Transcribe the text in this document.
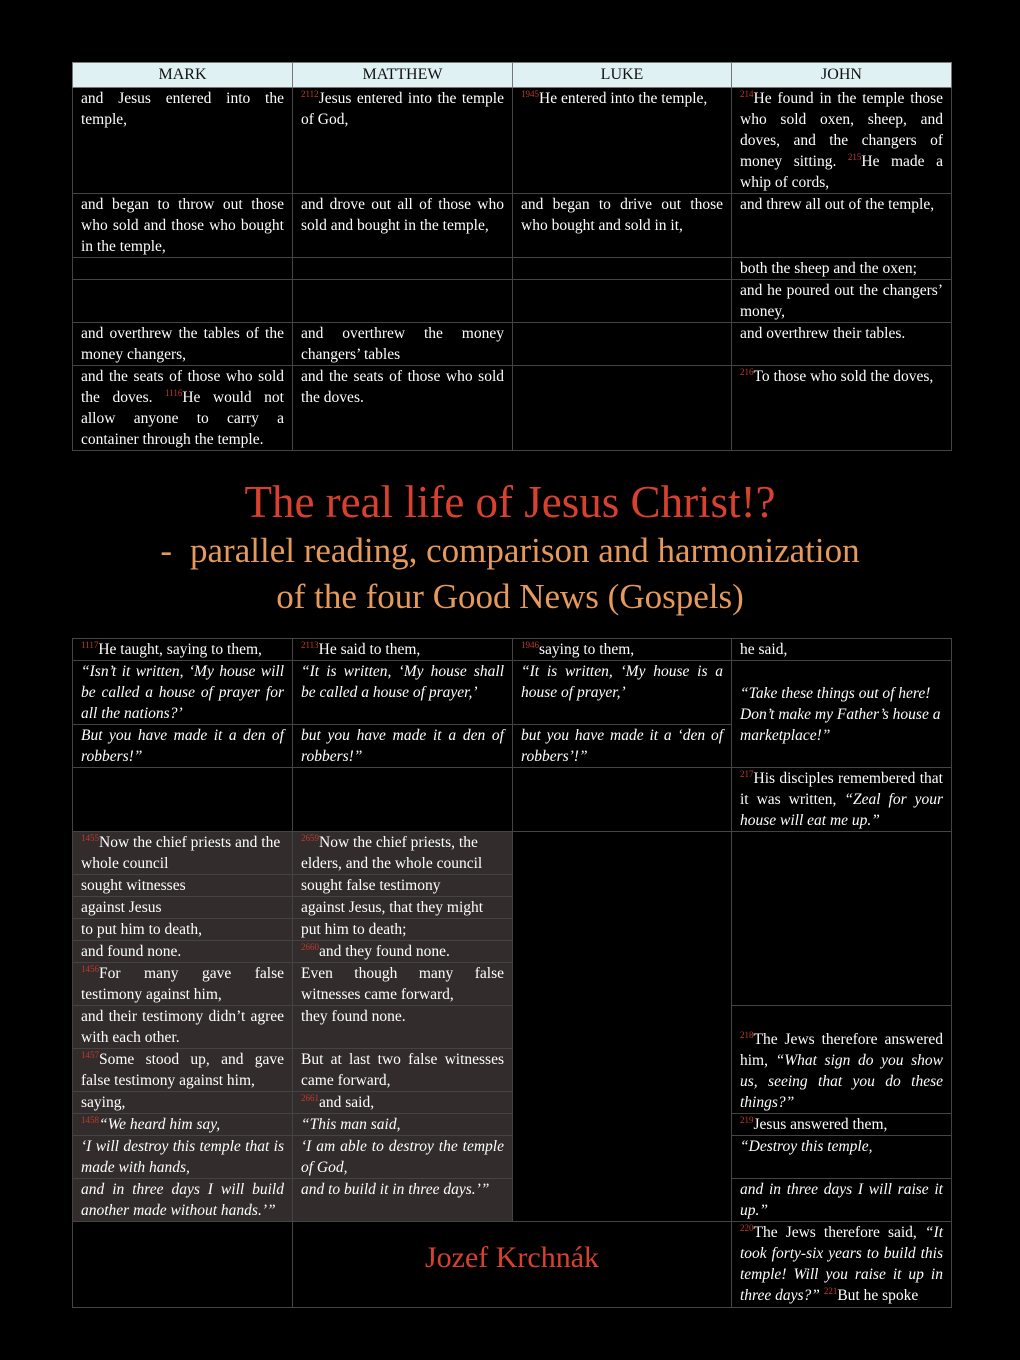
MARK	MATTHEW	LUKE	JOHN
and Jesus entered into the temple,	$^{2112}$Jesus entered into the temple of God,	$^{1945}$He entered into the temple,	$^{214}$He found in the temple those who sold oxen, sheep, and doves, and the changers of money sitting. $^{215}$He made a whip of cords,
and began to throw out those who sold and those who bought in the temple,	and drove out all of those who sold and bought in the temple,	and began to drive out those who bought and sold in it,	and threw all out of the temple,
			both the sheep and the oxen;
			and he poured out the changers’ money,
and overthrew the tables of the money changers,	and overthrew the money changers’ tables		and overthrew their tables.
and the seats of those who sold the doves. $^{1116}$He would not allow anyone to carry a container through the temple.	and the seats of those who sold the doves.		$^{216}$To those who sold the doves,
The real life of Jesus Christ!?
- parallel reading, comparison and harmonization
of the four Good News (Gospels)
$^{1117}$He taught, saying to them,	$^{2113}$He said to them,	$^{1946}$saying to them,	he said,
“Isn’t it written, ‘My house will be called a house of prayer for all the nations?’	“It is written, ‘My house shall be called a house of prayer,’	“It is written, ‘My house is a house of prayer,’	“Take these things out of here! Don’t make my Father’s house a marketplace!”
But you have made it a den of robbers!”	but you have made it a den of robbers!”	but you have made it a ‘den of robbers’!”	
			$^{217}$His disciples remembered that it was written, “Zeal for your house will eat me up.”
$^{1455}$Now the chief priests and the whole council	$^{2659}$Now the chief priests, the elders, and the whole council		
sought witnesses	sought false testimony		
against Jesus	against Jesus, that they might		
to put him to death,	put him to death;		
and found none.	$^{2660}$and they found none.		
$^{1456}$For many gave false testimony against him,	Even though many false witnesses came forward,		
and their testimony didn’t agree with each other.	they found none.		$^{218}$The Jews therefore answered him, “What sign do you show us, seeing that you do these things?”
$^{1457}$Some stood up, and gave false testimony against him,	But at last two false witnesses came forward,		
saying,	$^{2661}$and said,		
$^{1458}$“We heard him say,	“This man said,		$^{219}$Jesus answered them,
‘I will destroy this temple that is made with hands,	‘I am able to destroy the temple of God,		“Destroy this temple,
and in three days I will build another made without hands.’”	and to build it in three days.’”		and in three days I will raise it up.”
			$^{220}$The Jews therefore said, “It took forty-six years to build this temple! Will you raise it up in three days?” $^{221}$But he spoke
Jozef Krchnák
